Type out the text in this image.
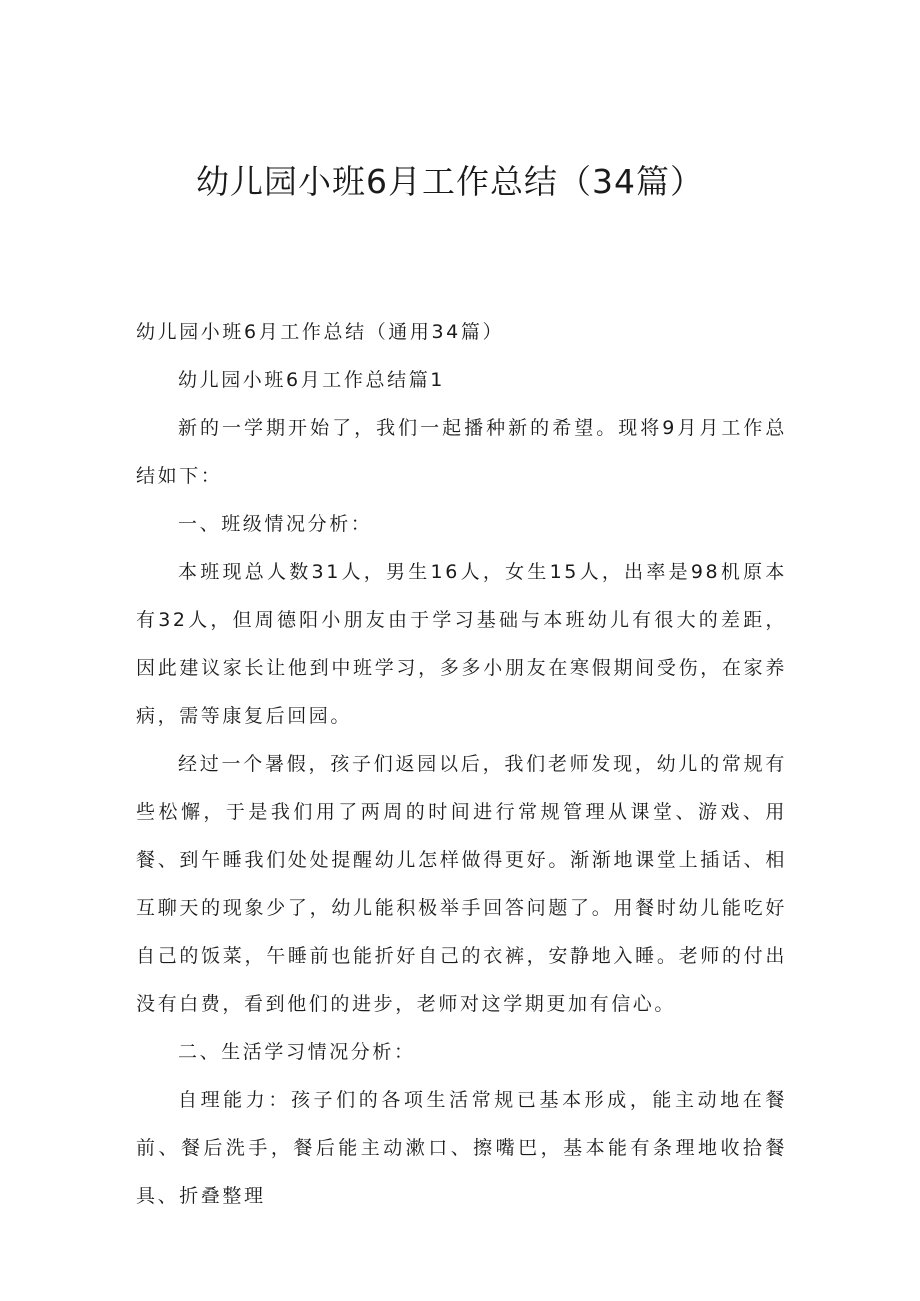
幼儿园小班6月工作总结（34篇）

幼儿园小班6月工作总结（通用34篇）

幼儿园小班6月工作总结篇1

新的一学期开始了，我们一起播种新的希望。现将9月月工作总结如下：

一、班级情况分析：

本班现总人数31人，男生16人，女生15人，出率是98机原本有32人，但周德阳小朋友由于学习基础与本班幼儿有很大的差距，因此建议家长让他到中班学习，多多小朋友在寒假期间受伤，在家养病，需等康复后回园。

经过一个暑假，孩子们返园以后，我们老师发现，幼儿的常规有些松懈，于是我们用了两周的时间进行常规管理从课堂、游戏、用餐、到午睡我们处处提醒幼儿怎样做得更好。渐渐地课堂上插话、相互聊天的现象少了，幼儿能积极举手回答问题了。用餐时幼儿能吃好自己的饭菜，午睡前也能折好自己的衣裤，安静地入睡。老师的付出没有白费，看到他们的进步，老师对这学期更加有信心。

二、生活学习情况分析：

自理能力：孩子们的各项生活常规已基本形成，能主动地在餐前、餐后洗手，餐后能主动漱口、擦嘴巴，基本能有条理地收拾餐具、折叠整理
